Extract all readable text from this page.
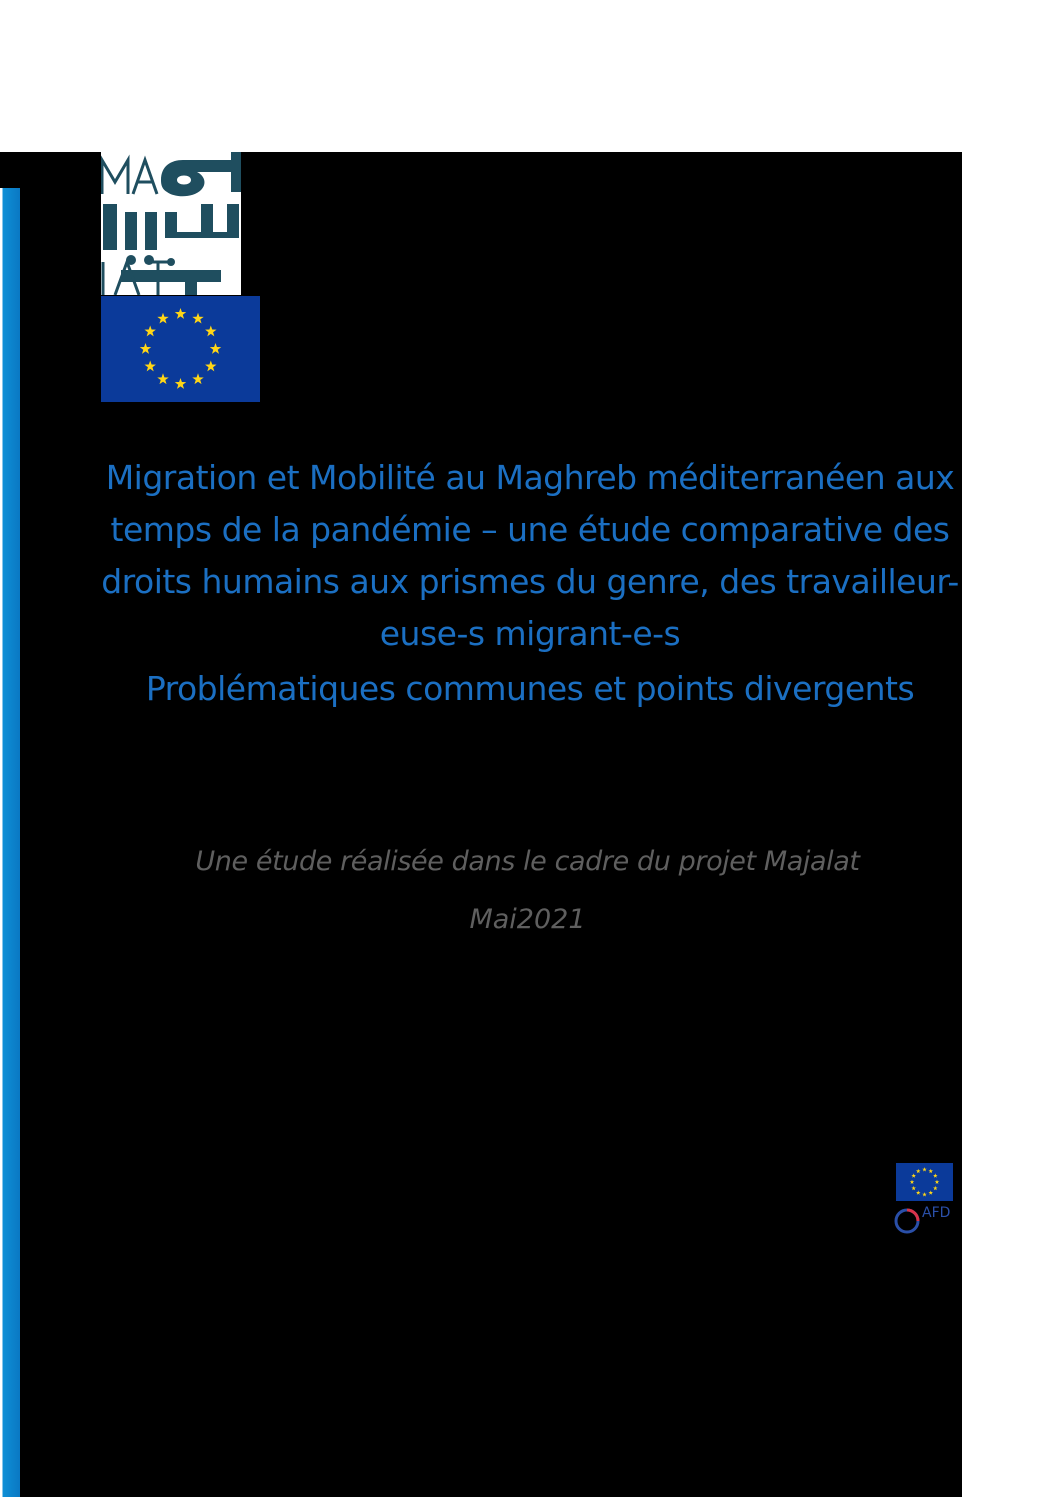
Migration et Mobilité au Maghreb méditerranéen aux temps de la pandémie – une étude comparative des droits humains aux prismes du genre, des travailleur-euse-s migrant-e-s
Problématiques communes et points divergents

Une étude réalisée dans le cadre du projet Majalat

Mai2021

AFD
